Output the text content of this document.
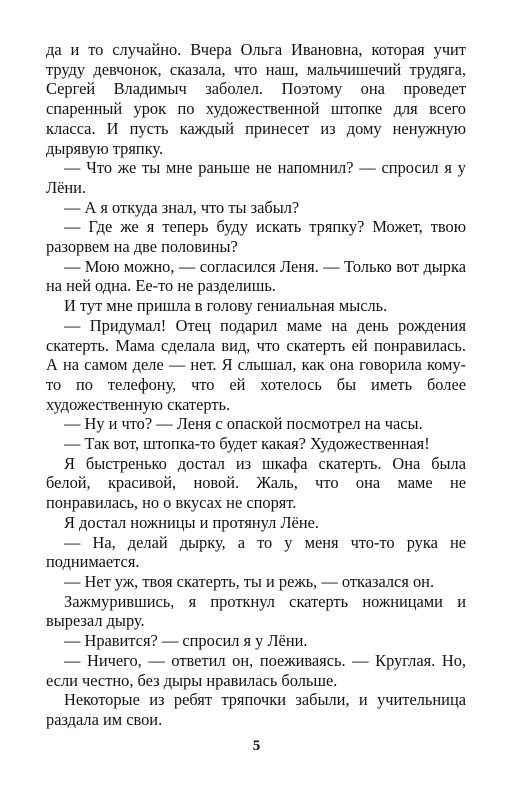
да и то случайно. Вчера Ольга Ивановна, которая учит труду девчонок, сказала, что наш, мальчишечий трудяга, Сергей Владимыч заболел. Поэтому она проведет спаренный урок по художественной штопке для всего класса. И пусть каждый принесет из дому ненужную дырявую тряпку.

— Что же ты мне раньше не напомнил? — спросил я у Лёни.

— А я откуда знал, что ты забыл?

— Где же я теперь буду искать тряпку? Может, твою разорвем на две половины?

— Мою можно, — согласился Леня. — Только вот дырка на ней одна. Ее-то не разделишь.

И тут мне пришла в голову гениальная мысль.

— Придумал! Отец подарил маме на день рождения скатерть. Мама сделала вид, что скатерть ей понравилась. А на самом деле — нет. Я слышал, как она говорила кому-то по телефону, что ей хотелось бы иметь более художественную скатерть.

— Ну и что? — Леня с опаской посмотрел на часы.

— Так вот, штопка-то будет какая? Художественная!

Я быстренько достал из шкафа скатерть. Она была белой, красивой, новой. Жаль, что она маме не понравилась, но о вкусах не спорят.

Я достал ножницы и протянул Лёне.

— На, делай дырку, а то у меня что-то рука не поднимается.

— Нет уж, твоя скатерть, ты и режь, — отказался он.

Зажмурившись, я проткнул скатерть ножницами и вырезал дыру.

— Нравится? — спросил я у Лёни.

— Ничего, — ответил он, поеживаясь. — Круглая. Но, если честно, без дыры нравилась больше.

Некоторые из ребят тряпочки забыли, и учительница раздала им свои.

5
